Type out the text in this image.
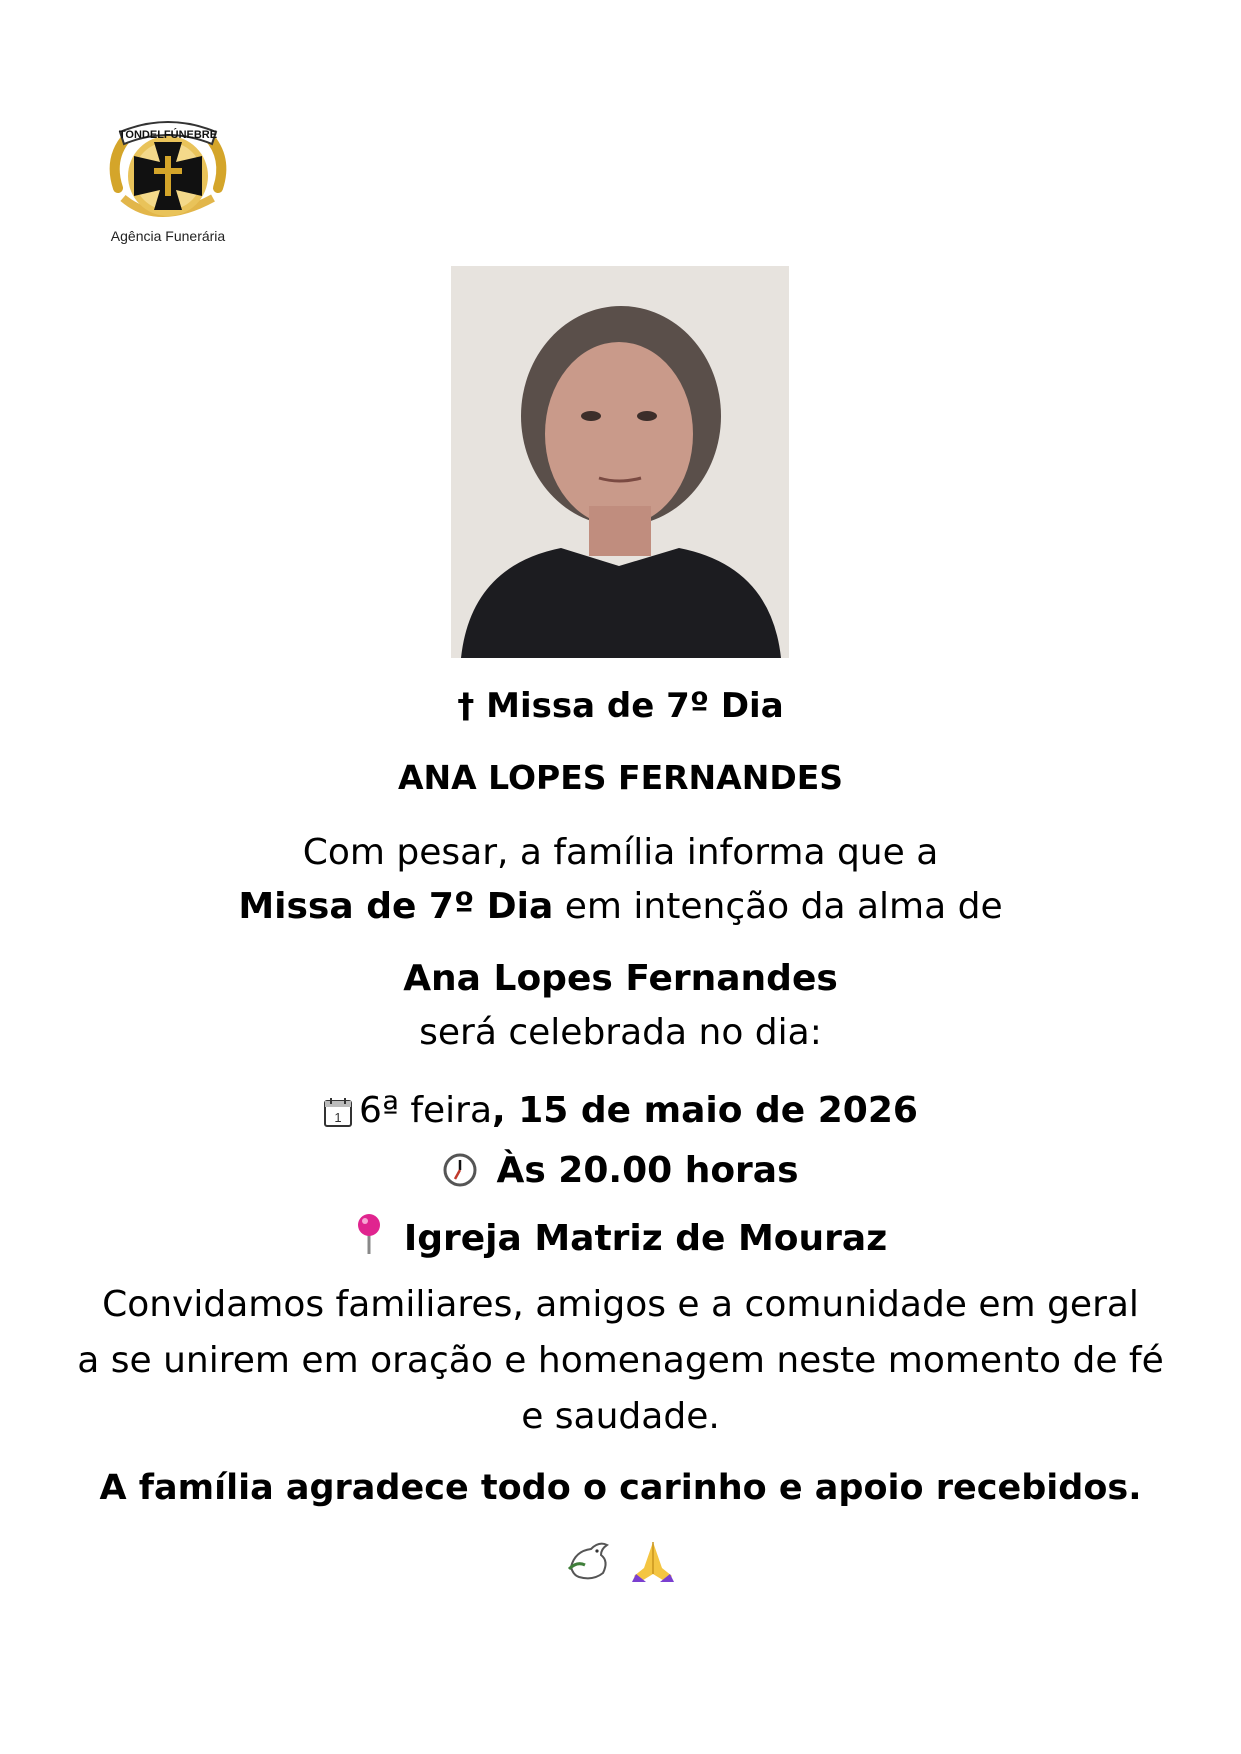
TONDELFÚNEBRE
Agência Funerária
† Missa de 7º Dia
ANA LOPES FERNANDES
Com pesar, a família informa que a
Missa de 7º Dia em intenção da alma de
Ana Lopes Fernandes
será celebrada no dia:
1 6ª feira, 15 de maio de 2026
Às 20.00 horas
Igreja Matriz de Mouraz
Convidamos familiares, amigos e a comunidade em geral
a se unirem em oração e homenagem neste momento de fé
e saudade.
A família agradece todo o carinho e apoio recebidos.
